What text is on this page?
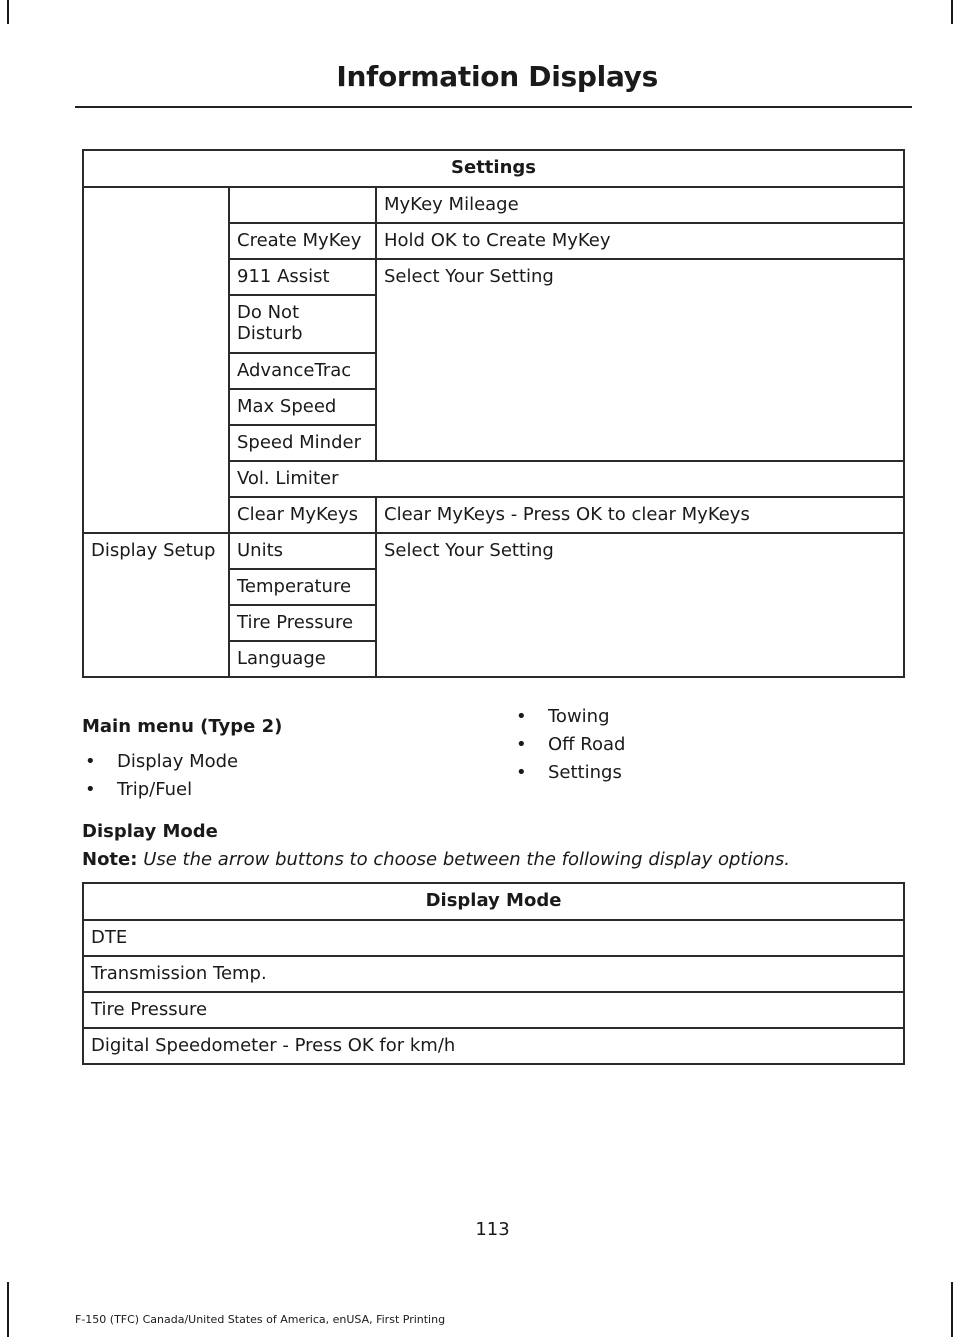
Information Displays
Settings		
		MyKey Mileage
	Create MyKey	Hold OK to Create MyKey
	911 Assist	Select Your Setting
	Do Not Disturb	
	AdvanceTrac	
	Max Speed	
	Speed Minder	
	Vol. Limiter	
	Clear MyKeys	Clear MyKeys - Press OK to clear MyKeys
Display Setup	Units	Select Your Setting
	Temperature	
	Tire Pressure	
	Language	
Main menu (Type 2)
• Display Mode
• Trip/Fuel
• Towing
• Off Road
• Settings
Display Mode
Note: Use the arrow buttons to choose between the following display options.
Display Mode
DTE
Transmission Temp.
Tire Pressure
Digital Speedometer - Press OK for km/h
113
F-150 (TFC) Canada/United States of America, enUSA, First Printing
